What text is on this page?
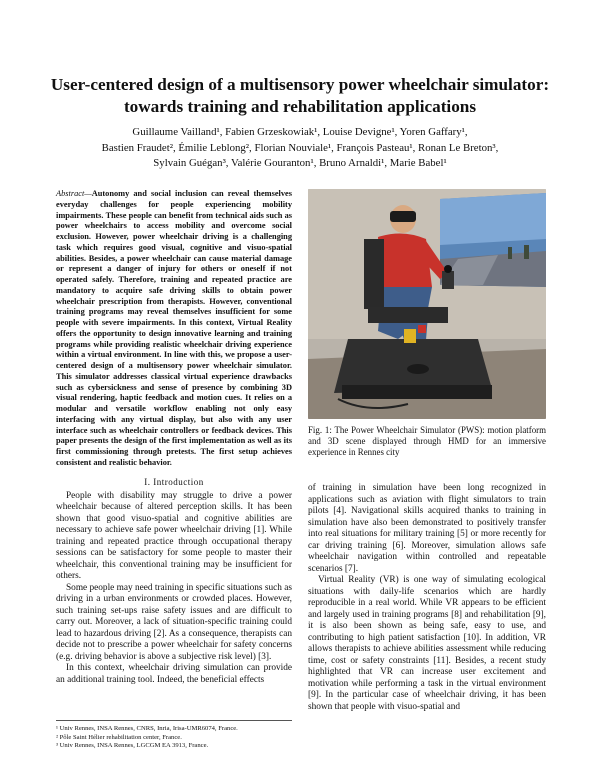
User-centered design of a multisensory power wheelchair simulator:
towards training and rehabilitation applications
Guillaume Vailland¹, Fabien Grzeskowiak¹, Louise Devigne¹, Yoren Gaffary¹,
Bastien Fraudet², Émilie Leblong², Florian Nouviale¹, François Pasteau¹, Ronan Le Breton³,
Sylvain Guégan³, Valérie Gouranton¹, Bruno Arnaldi¹, Marie Babel¹

Abstract—Autonomy and social inclusion can reveal themselves everyday challenges for people experiencing mobility impairments. These people can benefit from technical aids such as power wheelchairs to access mobility and overcome social exclusion. However, power wheelchair driving is a challenging task which requires good visual, cognitive and visuo-spatial abilities. Besides, a power wheelchair can cause material damage or represent a danger of injury for others or oneself if not operated safely. Therefore, training and repeated practice are mandatory to acquire safe driving skills to obtain power wheelchair prescription from therapists. However, conventional training programs may reveal themselves insufficient for some people with severe impairments. In this context, Virtual Reality offers the opportunity to design innovative learning and training programs while providing realistic wheelchair driving experience within a virtual environment. In line with this, we propose a user-centered design of a multisensory power wheelchair simulator. This simulator addresses classical virtual experience drawbacks such as cybersickness and sense of presence by combining 3D visual rendering, haptic feedback and motion cues. It relies on a modular and versatile workflow enabling not only easy interfacing with any virtual display, but also with any user interface such as wheelchair controllers or feedback devices. This paper presents the design of the first implementation as well as its first commissioning through pretests. The first setup achieves consistent and realistic behavior.

I. Introduction

People with disability may struggle to drive a power wheelchair because of altered perception skills. It has been shown that good visuo-spatial and cognitive abilities are necessary to achieve safe power wheelchair driving [1]. While training and repeated practice through occupational therapy sessions can be satisfactory for some people to master their wheelchair, this conventional training may be insufficient for others.

Some people may need training in specific situations such as driving in a urban environments or crowded places. However, such training set-ups raise safety issues and are difficult to carry out. Moreover, a lack of situation-specific training could lead to hazardous driving [2]. As a consequence, therapists can decide not to prescribe a power wheelchair for safety concerns (e.g. driving behavior is above a subjective risk level) [3].

In this context, wheelchair driving simulation can provide an additional training tool. Indeed, the beneficial effects

¹ Univ Rennes, INSA Rennes, CNRS, Inria, Irisa-UMR6074, France.
² Pôle Saint Hélier rehabilitation center, France.
³ Univ Rennes, INSA Rennes, LGCGM EA 3913, France.

Fig. 1: The Power Wheelchair Simulator (PWS): motion platform and 3D scene displayed through HMD for an immersive experience in Rennes city

of training in simulation have been long recognized in applications such as aviation with flight simulators to train pilots [4]. Navigational skills acquired thanks to training in simulation have also been demonstrated to positively transfer into real situations for military training [5] or more recently for car driving training [6]. Moreover, simulation allows safe wheelchair navigation within controlled and repeatable scenarios [7].

Virtual Reality (VR) is one way of simulating ecological situations with daily-life scenarios which are hardly reproducible in a real world. While VR appears to be efficient and largely used in training programs [8] and rehabilitation [9], it is also been shown as being safe, easy to use, and contributing to high patient satisfaction [10]. In addition, VR allows therapists to achieve abilities assessment while reducing time, cost or safety constraints [11]. Besides, a recent study highlighted that VR can increase user excitement and motivation while performing a task in the virtual environment [9]. In the particular case of wheelchair driving, it has been shown that people with visuo-spatial and
